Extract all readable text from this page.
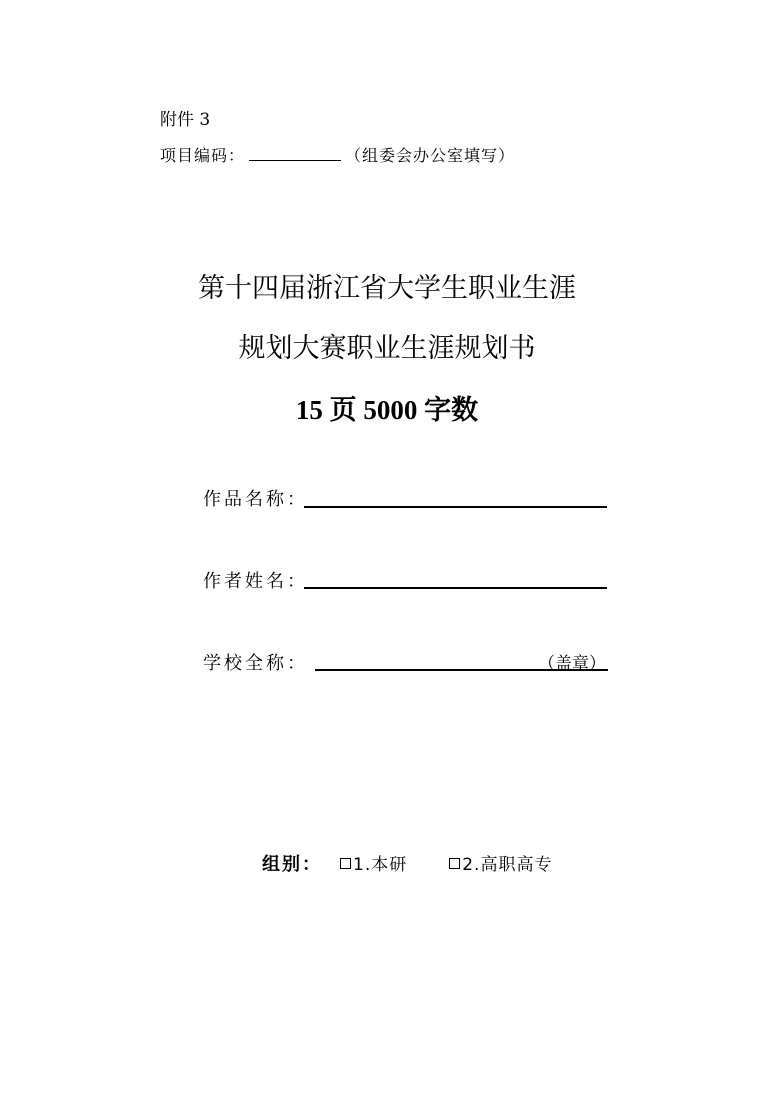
附件 3
项目编码：	（组委会办公室填写）
第十四届浙江省大学生职业生涯
规划大赛职业生涯规划书
15 页 5000 字数
作品名称：
作者姓名：
学校全称：	（盖章）
组别： 1.本研	2.高职高专
